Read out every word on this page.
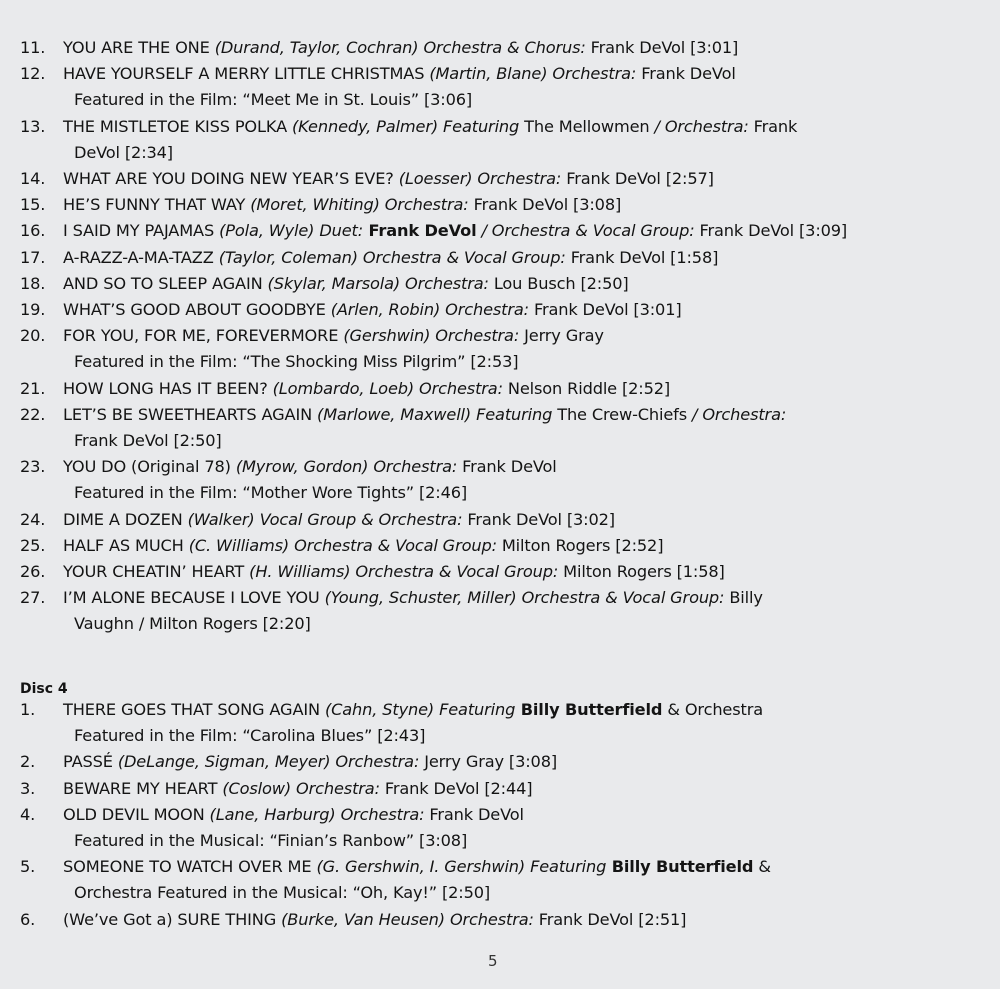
11.	YOU ARE THE ONE (Durand, Taylor, Cochran) Orchestra & Chorus: Frank DeVol [3:01]
12.	HAVE YOURSELF A MERRY LITTLE CHRISTMAS (Martin, Blane) Orchestra: Frank DeVol
Featured in the Film: “Meet Me in St. Louis” [3:06]
13.	THE MISTLETOE KISS POLKA (Kennedy, Palmer) Featuring The Mellowmen / Orchestra: Frank
DeVol [2:34]
14.	WHAT ARE YOU DOING NEW YEAR’S EVE? (Loesser) Orchestra: Frank DeVol [2:57]
15.	HE’S FUNNY THAT WAY (Moret, Whiting) Orchestra: Frank DeVol [3:08]
16.	I SAID MY PAJAMAS (Pola, Wyle) Duet: Frank DeVol / Orchestra & Vocal Group: Frank DeVol [3:09]
17.	A-RAZZ-A-MA-TAZZ (Taylor, Coleman) Orchestra & Vocal Group: Frank DeVol [1:58]
18.	AND SO TO SLEEP AGAIN (Skylar, Marsola) Orchestra: Lou Busch [2:50]
19.	WHAT’S GOOD ABOUT GOODBYE (Arlen, Robin) Orchestra: Frank DeVol [3:01]
20.	FOR YOU, FOR ME, FOREVERMORE (Gershwin) Orchestra: Jerry Gray
Featured in the Film: “The Shocking Miss Pilgrim” [2:53]
21.	HOW LONG HAS IT BEEN? (Lombardo, Loeb) Orchestra: Nelson Riddle [2:52]
22.	LET’S BE SWEETHEARTS AGAIN (Marlowe, Maxwell) Featuring The Crew-Chiefs / Orchestra:
Frank DeVol [2:50]
23.	YOU DO (Original 78) (Myrow, Gordon) Orchestra: Frank DeVol
Featured in the Film: “Mother Wore Tights” [2:46]
24.	DIME A DOZEN (Walker) Vocal Group & Orchestra: Frank DeVol [3:02]
25.	HALF AS MUCH (C. Williams) Orchestra & Vocal Group: Milton Rogers [2:52]
26.	YOUR CHEATIN’ HEART (H. Williams) Orchestra & Vocal Group: Milton Rogers [1:58]
27.	I’M ALONE BECAUSE I LOVE YOU (Young, Schuster, Miller) Orchestra & Vocal Group: Billy
Vaughn / Milton Rogers [2:20]
Disc 4
1.	THERE GOES THAT SONG AGAIN (Cahn, Styne) Featuring Billy Butterfield & Orchestra
Featured in the Film: “Carolina Blues” [2:43]
2.	PASSÉ (DeLange, Sigman, Meyer) Orchestra: Jerry Gray [3:08]
3.	BEWARE MY HEART (Coslow) Orchestra: Frank DeVol [2:44]
4.	OLD DEVIL MOON (Lane, Harburg) Orchestra: Frank DeVol
Featured in the Musical: “Finian’s Ranbow” [3:08]
5.	SOMEONE TO WATCH OVER ME (G. Gershwin, I. Gershwin) Featuring Billy Butterfield &
Orchestra Featured in the Musical: “Oh, Kay!” [2:50]
6.	(We’ve Got a) SURE THING (Burke, Van Heusen) Orchestra: Frank DeVol [2:51]
5
